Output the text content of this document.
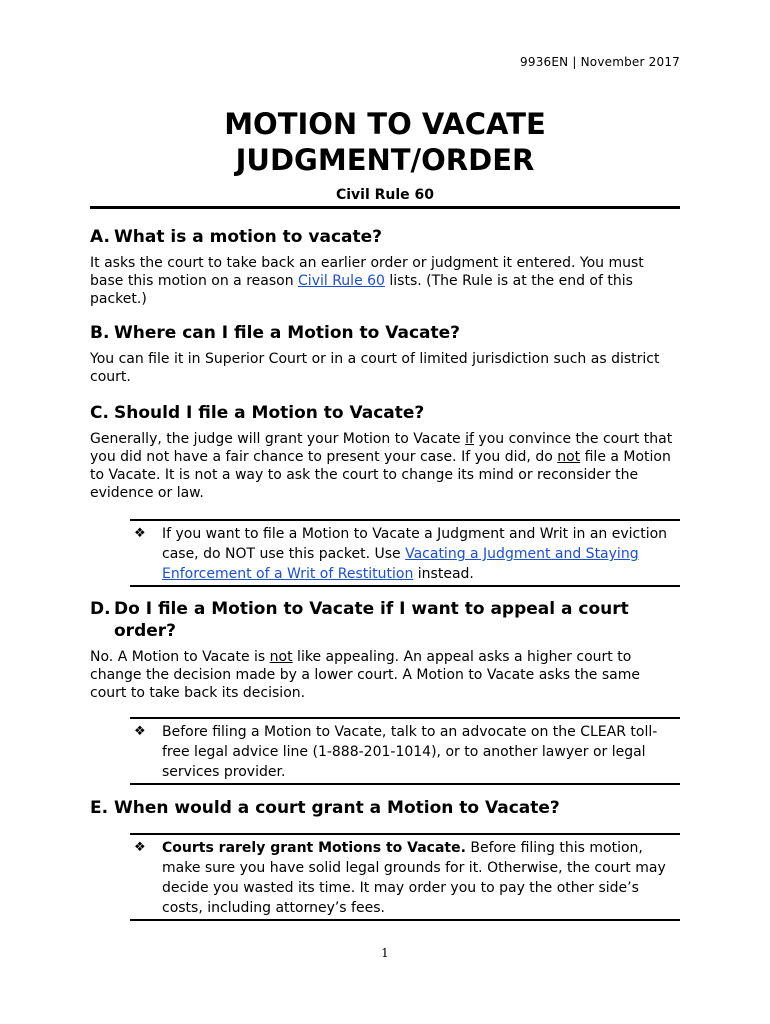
9936EN | November 2017
MOTION TO VACATE
JUDGMENT/ORDER
Civil Rule 60
A. What is a motion to vacate?

It asks the court to take back an earlier order or judgment it entered. You must base this motion on a reason Civil Rule 60 lists. (The Rule is at the end of this packet.)

B. Where can I file a Motion to Vacate?

You can file it in Superior Court or in a court of limited jurisdiction such as district court.

C. Should I file a Motion to Vacate?

Generally, the judge will grant your Motion to Vacate if you convince the court that you did not have a fair chance to present your case. If you did, do not file a Motion to Vacate. It is not a way to ask the court to change its mind or reconsider the evidence or law.

❖	If you want to file a Motion to Vacate a Judgment and Writ in an eviction case, do NOT use this packet. Use Vacating a Judgment and Staying Enforcement of a Writ of Restitution instead.
D. Do I file a Motion to Vacate if I want to appeal a court order?

No. A Motion to Vacate is not like appealing. An appeal asks a higher court to change the decision made by a lower court. A Motion to Vacate asks the same court to take back its decision.

❖	Before filing a Motion to Vacate, talk to an advocate on the CLEAR toll-free legal advice line (1-888-201-1014), or to another lawyer or legal services provider.
E. When would a court grant a Motion to Vacate?
❖	Courts rarely grant Motions to Vacate. Before filing this motion, make sure you have solid legal grounds for it. Otherwise, the court may decide you wasted its time. It may order you to pay the other side’s costs, including attorney’s fees.
1
